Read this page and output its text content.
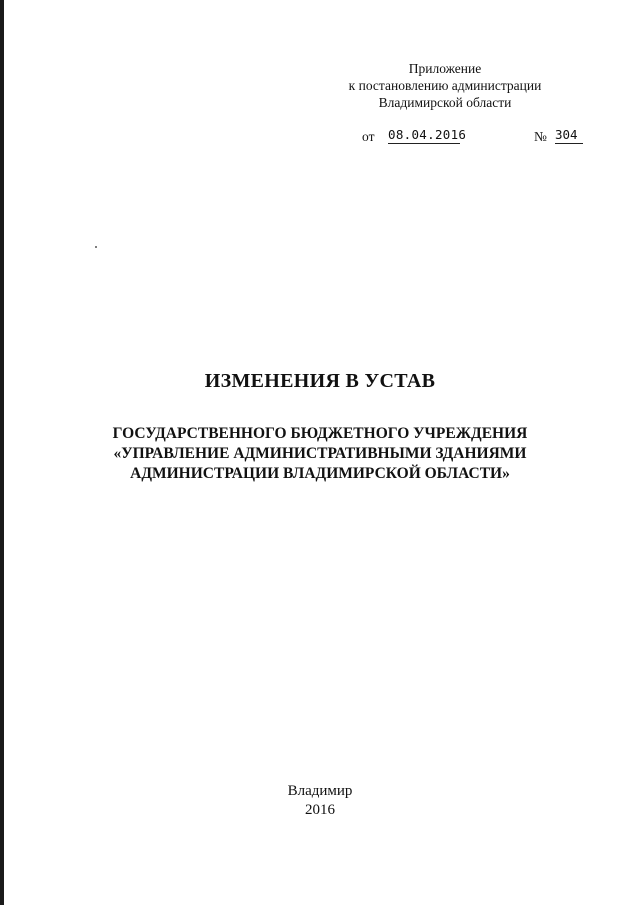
Приложение
к постановлению администрации
Владимирской области
от 08.04.2016	№ 304
ИЗМЕНЕНИЯ В УСТАВ
ГОСУДАРСТВЕННОГО БЮДЖЕТНОГО УЧРЕЖДЕНИЯ
«УПРАВЛЕНИЕ АДМИНИСТРАТИВНЫМИ ЗДАНИЯМИ
АДМИНИСТРАЦИИ ВЛАДИМИРСКОЙ ОБЛАСТИ»
Владимир
2016
